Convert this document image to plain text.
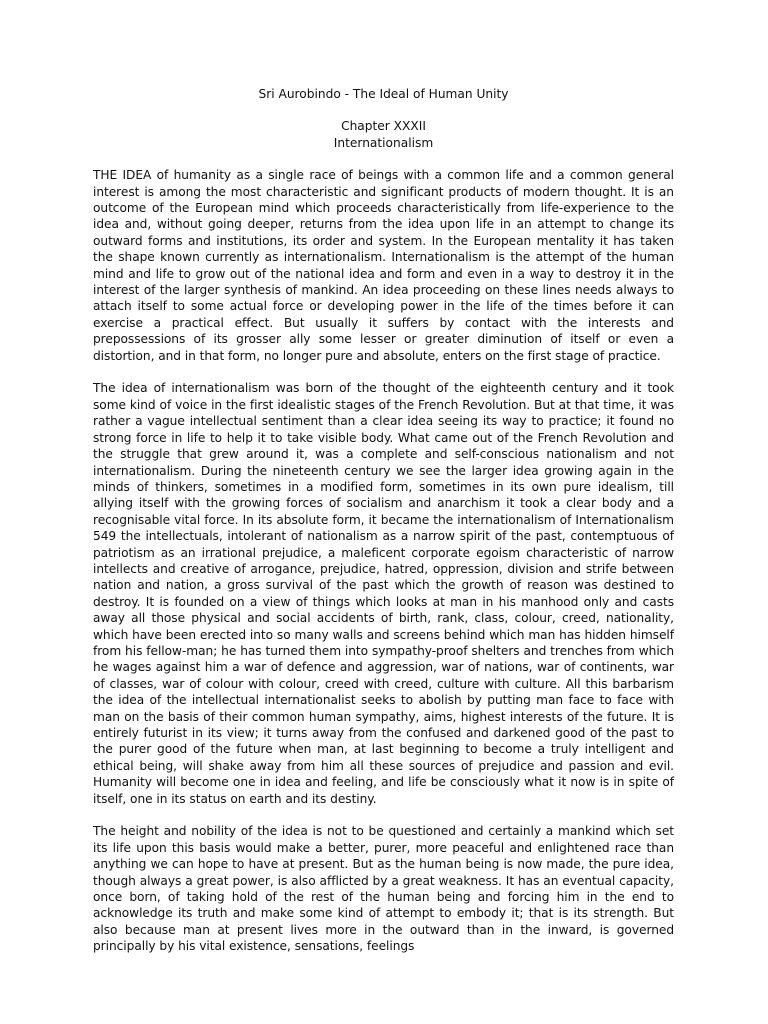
Sri Aurobindo - The Ideal of Human Unity

Chapter XXXII

Internationalism

THE IDEA of humanity as a single race of beings with a common life and a common general interest is among the most characteristic and significant products of modern thought. It is an outcome of the European mind which proceeds characteristically from life-experience to the idea and, without going deeper, returns from the idea upon life in an attempt to change its outward forms and institutions, its order and system. In the European mentality it has taken the shape known currently as internationalism. Internationalism is the attempt of the human mind and life to grow out of the national idea and form and even in a way to destroy it in the interest of the larger synthesis of mankind. An idea proceeding on these lines needs always to attach itself to some actual force or developing power in the life of the times before it can exercise a practical effect. But usually it suffers by contact with the interests and prepossessions of its grosser ally some lesser or greater diminution of itself or even a distortion, and in that form, no longer pure and absolute, enters on the first stage of practice.

The idea of internationalism was born of the thought of the eighteenth century and it took some kind of voice in the first idealistic stages of the French Revolution. But at that time, it was rather a vague intellectual sentiment than a clear idea seeing its way to practice; it found no strong force in life to help it to take visible body. What came out of the French Revolution and the struggle that grew around it, was a complete and self-conscious nationalism and not internationalism. During the nineteenth century we see the larger idea growing again in the minds of thinkers, sometimes in a modified form, sometimes in its own pure idealism, till allying itself with the growing forces of socialism and anarchism it took a clear body and a recognisable vital force. In its absolute form, it became the internationalism of Internationalism 549 the intellectuals, intolerant of nationalism as a narrow spirit of the past, contemptuous of patriotism as an irrational prejudice, a maleficent corporate egoism characteristic of narrow intellects and creative of arrogance, prejudice, hatred, oppression, division and strife between nation and nation, a gross survival of the past which the growth of reason was destined to destroy. It is founded on a view of things which looks at man in his manhood only and casts away all those physical and social accidents of birth, rank, class, colour, creed, nationality, which have been erected into so many walls and screens behind which man has hidden himself from his fellow-man; he has turned them into sympathy-proof shelters and trenches from which he wages against him a war of defence and aggression, war of nations, war of continents, war of classes, war of colour with colour, creed with creed, culture with culture. All this barbarism the idea of the intellectual internationalist seeks to abolish by putting man face to face with man on the basis of their common human sympathy, aims, highest interests of the future. It is entirely futurist in its view; it turns away from the confused and darkened good of the past to the purer good of the future when man, at last beginning to become a truly intelligent and ethical being, will shake away from him all these sources of prejudice and passion and evil. Humanity will become one in idea and feeling, and life be consciously what it now is in spite of itself, one in its status on earth and its destiny.

The height and nobility of the idea is not to be questioned and certainly a mankind which set its life upon this basis would make a better, purer, more peaceful and enlightened race than anything we can hope to have at present. But as the human being is now made, the pure idea, though always a great power, is also afflicted by a great weakness. It has an eventual capacity, once born, of taking hold of the rest of the human being and forcing him in the end to acknowledge its truth and make some kind of attempt to embody it; that is its strength. But also because man at present lives more in the outward than in the inward, is governed principally by his vital existence, sensations, feelings
